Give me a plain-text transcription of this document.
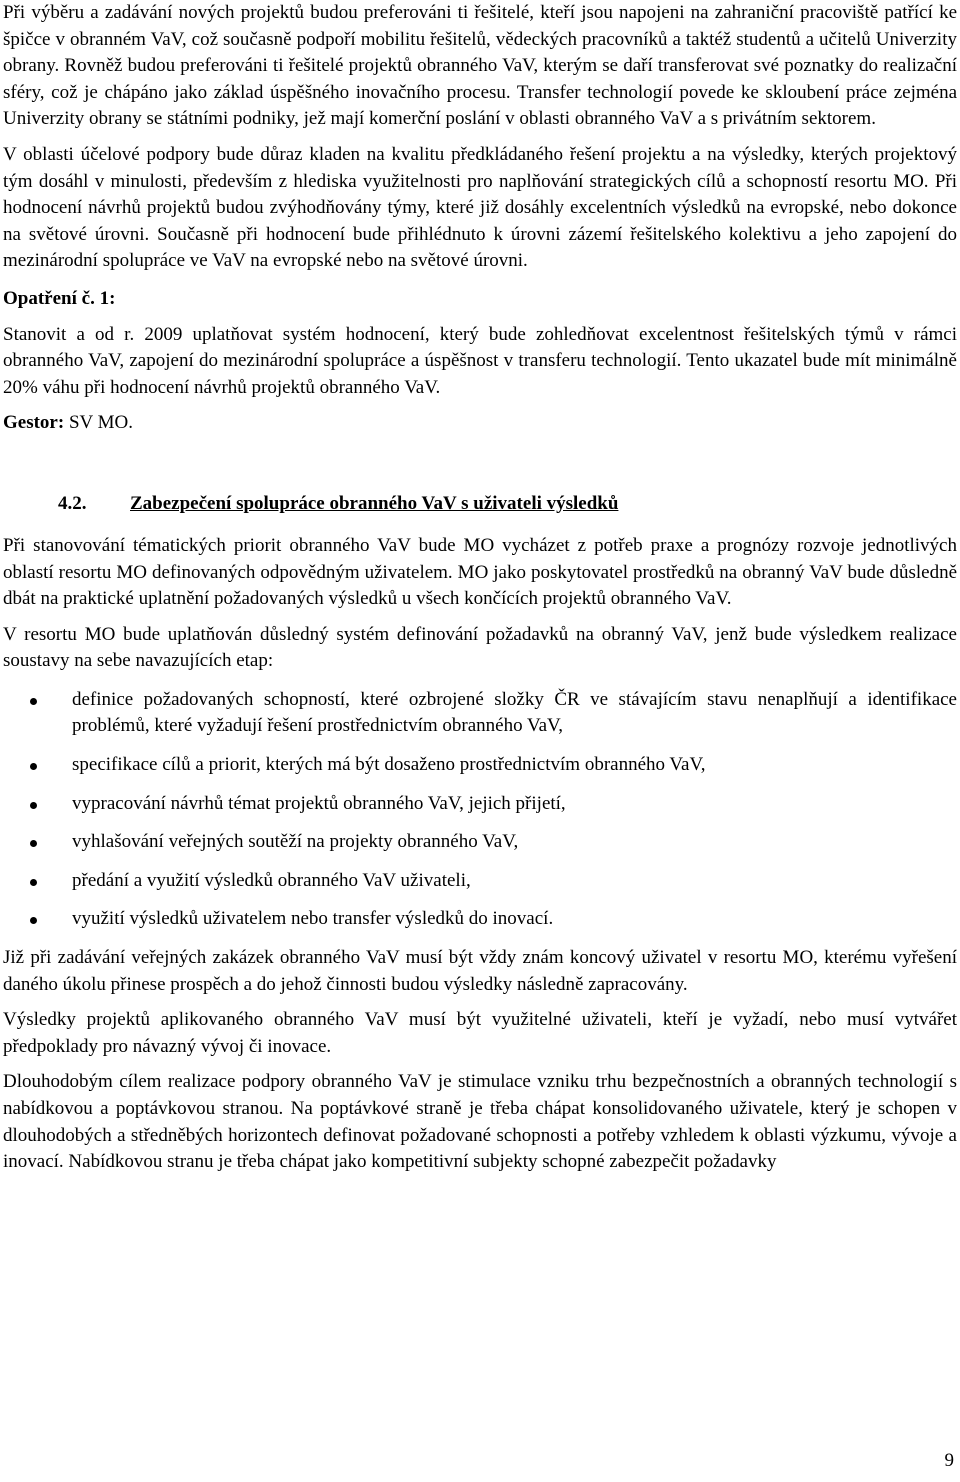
Při výběru a zadávání nových projektů budou preferováni ti řešitelé, kteří jsou napojeni na zahraniční pracoviště patřící ke špičce v obranném VaV, což současně podpoří mobilitu řešitelů, vědeckých pracovníků a taktéž studentů a učitelů Univerzity obrany. Rovněž budou preferováni ti řešitelé projektů obranného VaV, kterým se daří transferovat své poznatky do realizační sféry, což je chápáno jako základ úspěšného inovačního procesu. Transfer technologií povede ke skloubení práce zejména Univerzity obrany se státními podniky, jež mají komerční poslání v oblasti obranného VaV a s privátním sektorem.

V oblasti účelové podpory bude důraz kladen na kvalitu předkládaného řešení projektu a na výsledky, kterých projektový tým dosáhl v minulosti, především z hlediska využitelnosti pro naplňování strategických cílů a schopností resortu MO. Při hodnocení návrhů projektů budou zvýhodňovány týmy, které již dosáhly excelentních výsledků na evropské, nebo dokonce na světové úrovni. Současně při hodnocení bude přihlédnuto k úrovni zázemí řešitelského kolektivu a jeho zapojení do mezinárodní spolupráce ve VaV na evropské nebo na světové úrovni.

Opatření č. 1:

Stanovit a od r. 2009 uplatňovat systém hodnocení, který bude zohledňovat excelentnost řešitelských týmů v rámci obranného VaV, zapojení do mezinárodní spolupráce a úspěšnost v transferu technologií. Tento ukazatel bude mít minimálně 20% váhu při hodnocení návrhů projektů obranného VaV.

Gestor: SV MO.

4.2. Zabezpečení spolupráce obranného VaV s uživateli výsledků

Při stanovování tématických priorit obranného VaV bude MO vycházet z potřeb praxe a prognózy rozvoje jednotlivých oblastí resortu MO definovaných odpovědným uživatelem. MO jako poskytovatel prostředků na obranný VaV bude důsledně dbát na praktické uplatnění požadovaných výsledků u všech končících projektů obranného VaV.

V resortu MO bude uplatňován důsledný systém definování požadavků na obranný VaV, jenž bude výsledkem realizace soustavy na sebe navazujících etap:

definice požadovaných schopností, které ozbrojené složky ČR ve stávajícím stavu nenaplňují a identifikace problémů, které vyžadují řešení prostřednictvím obranného VaV,
specifikace cílů a priorit, kterých má být dosaženo prostřednictvím obranného VaV,
vypracování návrhů témat projektů obranného VaV, jejich přijetí,
vyhlašování veřejných soutěží na projekty obranného VaV,
předání a využití výsledků obranného VaV uživateli,
využití výsledků uživatelem nebo transfer výsledků do inovací.

Již při zadávání veřejných zakázek obranného VaV musí být vždy znám koncový uživatel v resortu MO, kterému vyřešení daného úkolu přinese prospěch a do jehož činnosti budou výsledky následně zapracovány.

Výsledky projektů aplikovaného obranného VaV musí být využitelné uživateli, kteří je vyžadí, nebo musí vytvářet předpoklady pro návazný vývoj či inovace.

Dlouhodobým cílem realizace podpory obranného VaV je stimulace vzniku trhu bezpečnostních a obranných technologií s nabídkovou a poptávkovou stranou. Na poptávkové straně je třeba chápat konsolidovaného uživatele, který je schopen v dlouhodobých a středněbých horizontech definovat požadované schopnosti a potřeby vzhledem k oblasti výzkumu, vývoje a inovací. Nabídkovou stranu je třeba chápat jako kompetitivní subjekty schopné zabezpečit požadavky

9
